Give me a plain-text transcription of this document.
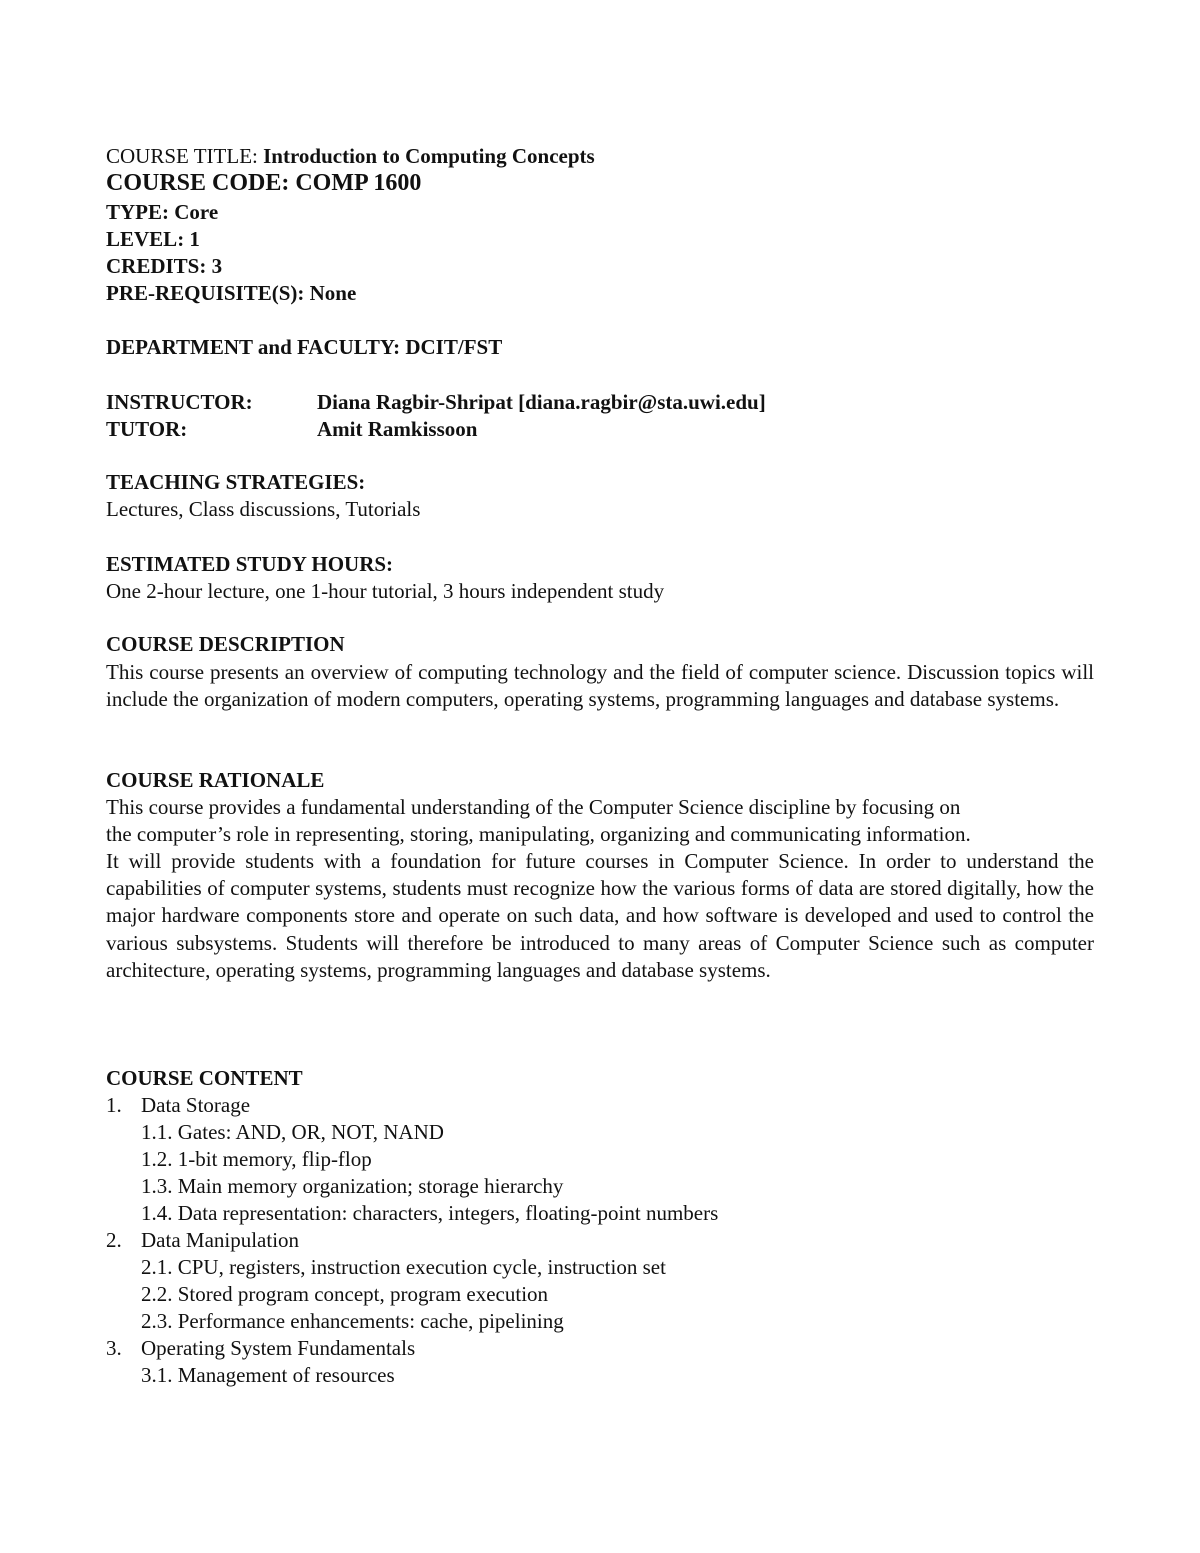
COURSE TITLE: Introduction to Computing Concepts
COURSE CODE: COMP 1600
TYPE: Core
LEVEL: 1
CREDITS: 3
PRE-REQUISITE(S): None
DEPARTMENT and FACULTY: DCIT/FST
INSTRUCTOR:	Diana Ragbir-Shripat [diana.ragbir@sta.uwi.edu]
TUTOR:	Amit Ramkissoon
TEACHING STRATEGIES:
Lectures, Class discussions, Tutorials
ESTIMATED STUDY HOURS:
One 2-hour lecture, one 1-hour tutorial, 3 hours independent study
COURSE DESCRIPTION
This course presents an overview of computing technology and the field of computer science. Discussion topics will include the organization of modern computers, operating systems, programming languages and database systems.
COURSE RATIONALE
This course provides a fundamental understanding of the Computer Science discipline by focusing on
the computer’s role in representing, storing, manipulating, organizing and communicating information.
It will provide students with a foundation for future courses in Computer Science. In order to understand the capabilities of computer systems, students must recognize how the various forms of data are stored digitally, how the major hardware components store and operate on such data, and how software is developed and used to control the various subsystems. Students will therefore be introduced to many areas of Computer Science such as computer architecture, operating systems, programming languages and database systems.
COURSE CONTENT
1. Data Storage
1.1. Gates: AND, OR, NOT, NAND
1.2. 1-bit memory, flip-flop
1.3. Main memory organization; storage hierarchy
1.4. Data representation: characters, integers, floating-point numbers
2. Data Manipulation
2.1. CPU, registers, instruction execution cycle, instruction set
2.2. Stored program concept, program execution
2.3. Performance enhancements: cache, pipelining
3. Operating System Fundamentals
3.1. Management of resources
